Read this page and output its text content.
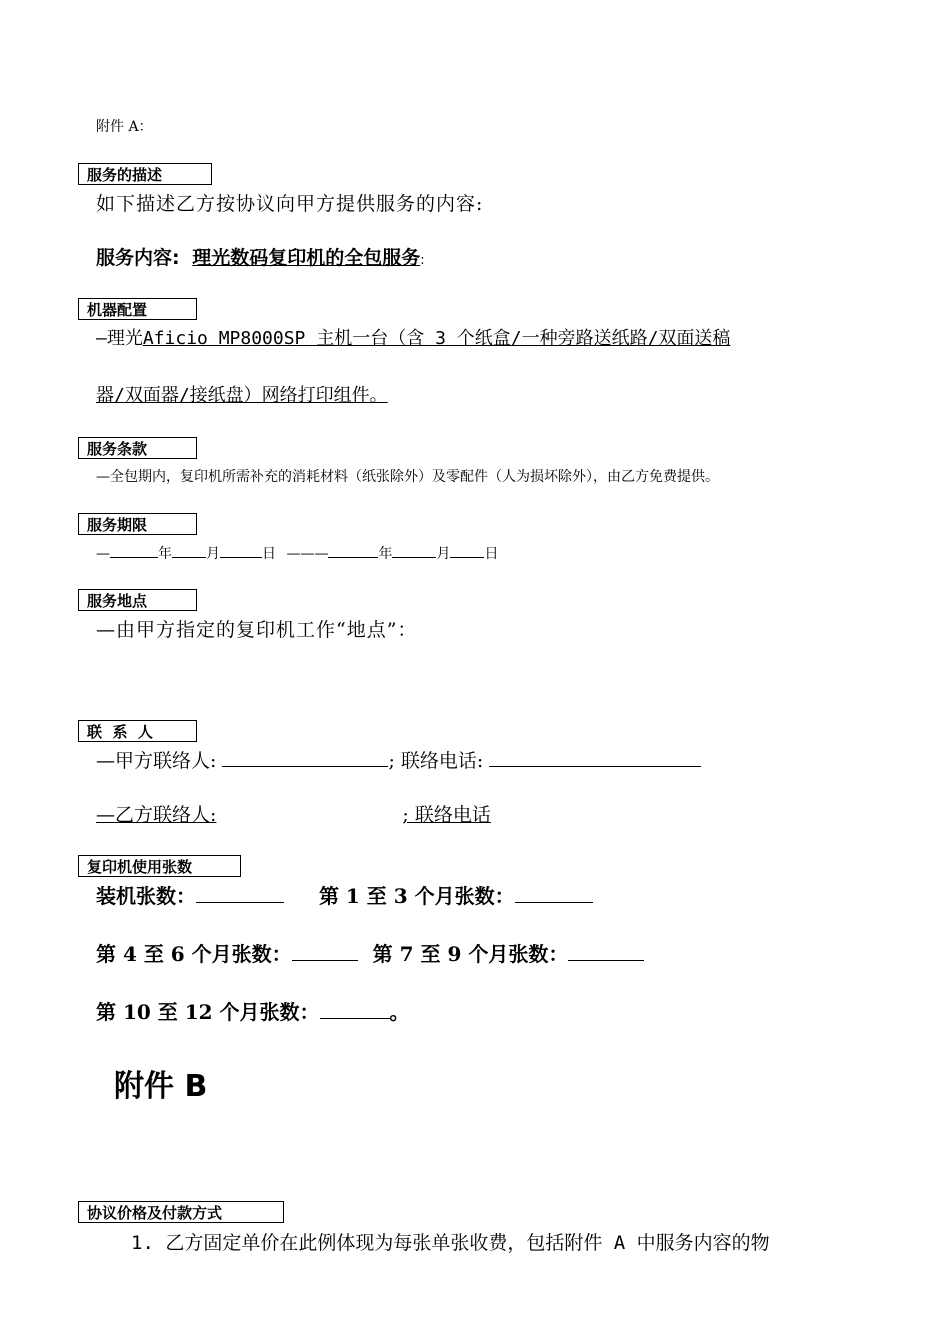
附件 A：
服务的描述
如下描述乙方按协议向甲方提供服务的内容:
服务内容: 理光数码复印机的全包服务:
机器配置
—理光Aficio MP8000SP 主机一台（含 3 个纸盒/一种旁路送纸路/双面送稿
器/双面器/接纸盘）网络打印组件。
服务条款
—全包期内，复印机所需补充的消耗材料（纸张除外）及零配件（人为损坏除外），由乙方免费提供。
服务期限
—	年 月	日 ———	年	月 日
服务地点
—由甲方指定的复印机工作“地点”：
联  系  人
—甲方联络人:	; 联络电话:
—乙方联络人:	; 联络电话
复印机使用张数
装机张数：	第 1 至 3 个月张数：
第 4 至 6 个月张数：	第 7 至 9 个月张数：
第 10 至 12 个月张数：	。
附件 B
协议价格及付款方式
1. 乙方固定单价在此例体现为每张单张收费，包括附件 A 中服务内容的物
